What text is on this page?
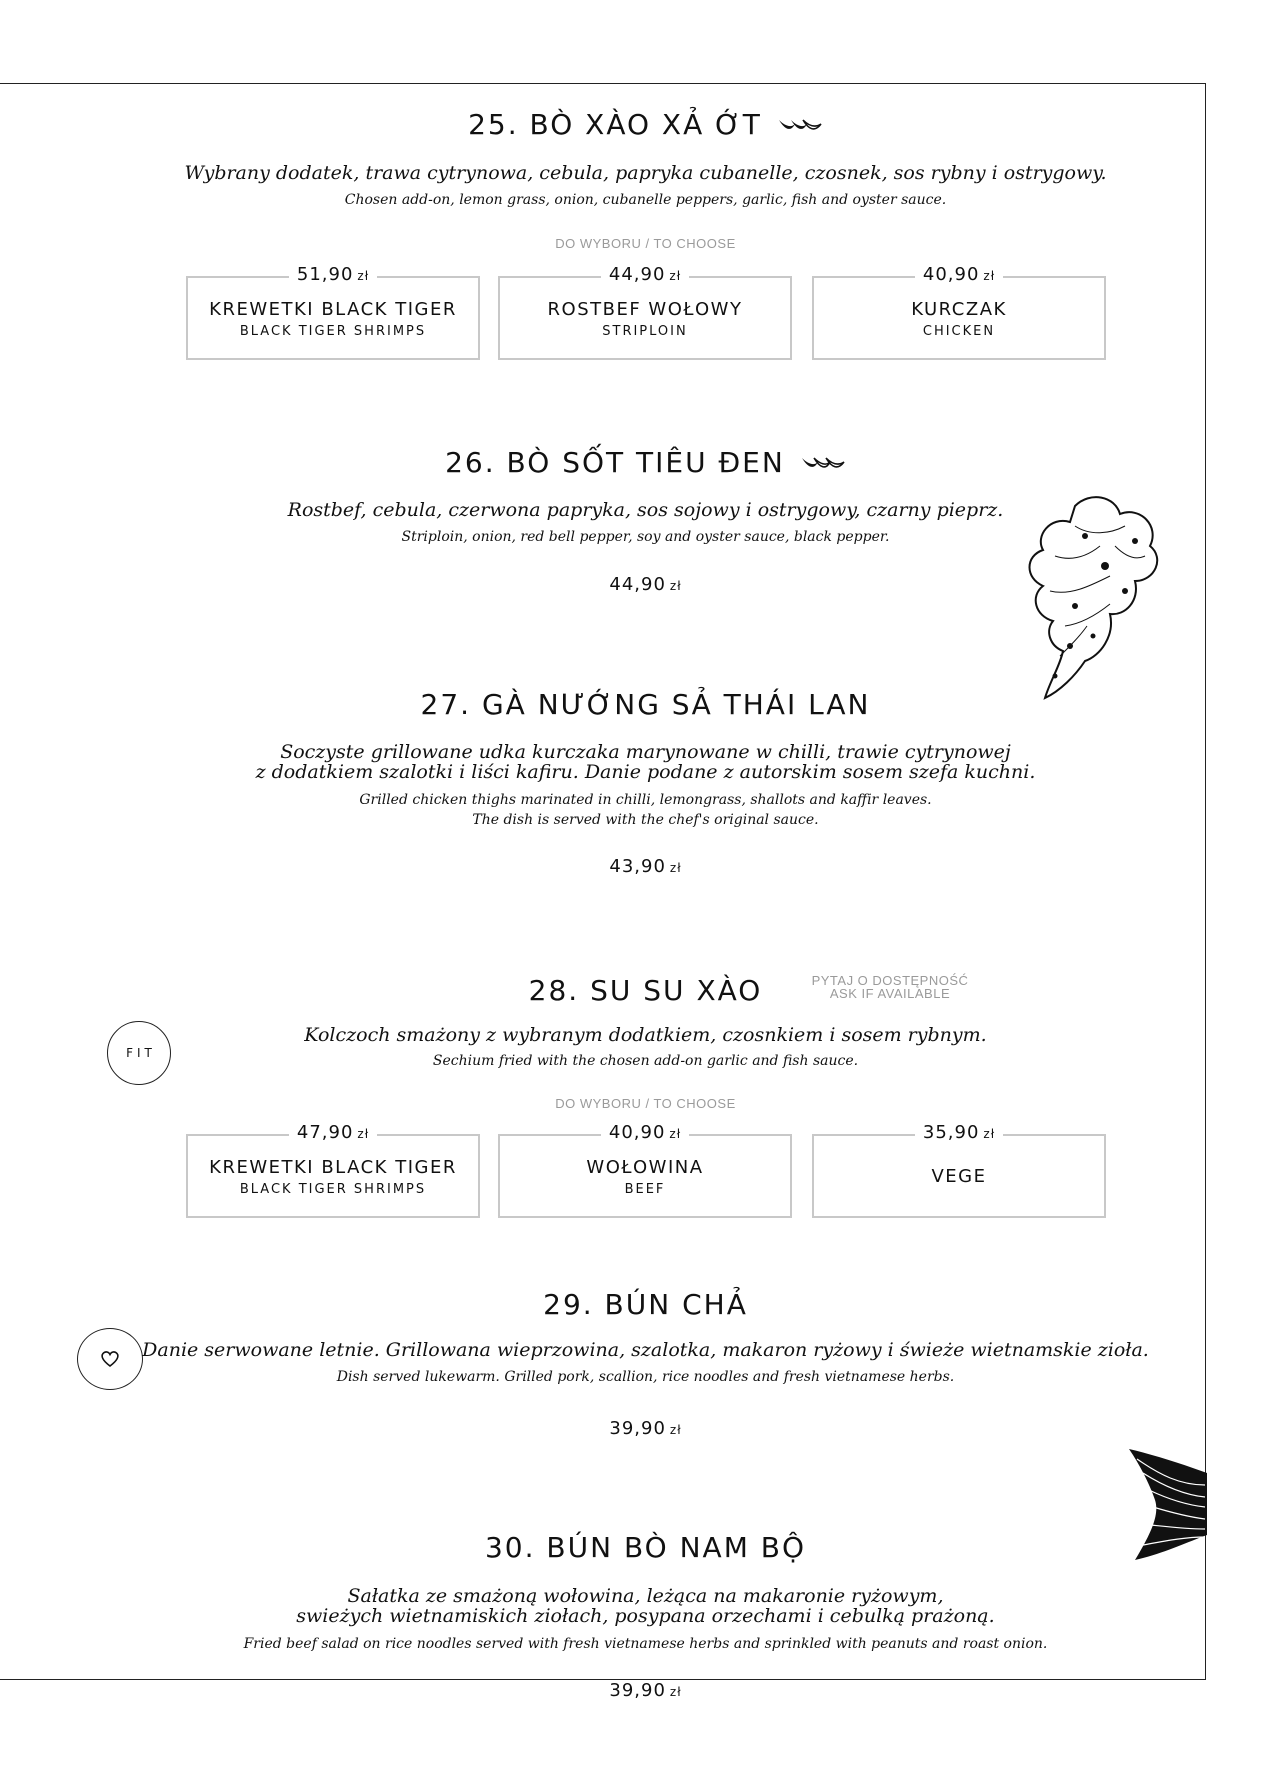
25. BÒ XÀO XẢ ỚT
Wybrany dodatek, trawa cytrynowa, cebula, papryka cubanelle, czosnek, sos rybny i ostrygowy.
Chosen add-on, lemon grass, onion, cubanelle peppers, garlic, fish and oyster sauce.
DO WYBORU / TO CHOOSE
51,90 zł
KREWETKI BLACK TIGER
BLACK TIGER SHRIMPS
44,90 zł
ROSTBEF WOŁOWY
STRIPLOIN
40,90 zł
KURCZAK
CHICKEN
26. BÒ SỐT TIÊU ĐEN
Rostbef, cebula, czerwona papryka, sos sojowy i ostrygowy, czarny pieprz.
Striploin, onion, red bell pepper, soy and oyster sauce, black pepper.
44,90 zł
27. GÀ NƯỚNG SẢ THÁI LAN
Soczyste grillowane udka kurczaka marynowane w chilli, trawie cytrynowej
z dodatkiem szalotki i liści kafiru. Danie podane z autorskim sosem szefa kuchni.
Grilled chicken thighs marinated in chilli, lemongrass, shallots and kaffir leaves.
The dish is served with the chef's original sauce.
43,90 zł
28. SU SU XÀO	PYTAJ O DOSTĘPNOŚĆ
ASK IF AVAILABLE
FIT
Kolczoch smażony z wybranym dodatkiem, czosnkiem i sosem rybnym.
Sechium fried with the chosen add-on garlic and fish sauce.
DO WYBORU / TO CHOOSE
47,90 zł
KREWETKI BLACK TIGER
BLACK TIGER SHRIMPS
40,90 zł
WOŁOWINA
BEEF
35,90 zł
VEGE
29. BÚN CHẢ
Danie serwowane letnie. Grillowana wieprzowina, szalotka, makaron ryżowy i świeże wietnamskie zioła.
Dish served lukewarm. Grilled pork, scallion, rice noodles and fresh vietnamese herbs.
39,90 zł
30. BÚN BÒ NAM BỘ
Sałatka ze smażoną wołowina, leżąca na makaronie ryżowym,
swieżych wietnamiskich ziołach, posypana orzechami i cebulką prażoną.
Fried beef salad on rice noodles served with fresh vietnamese herbs and sprinkled with peanuts and roast onion.
39,90 zł
